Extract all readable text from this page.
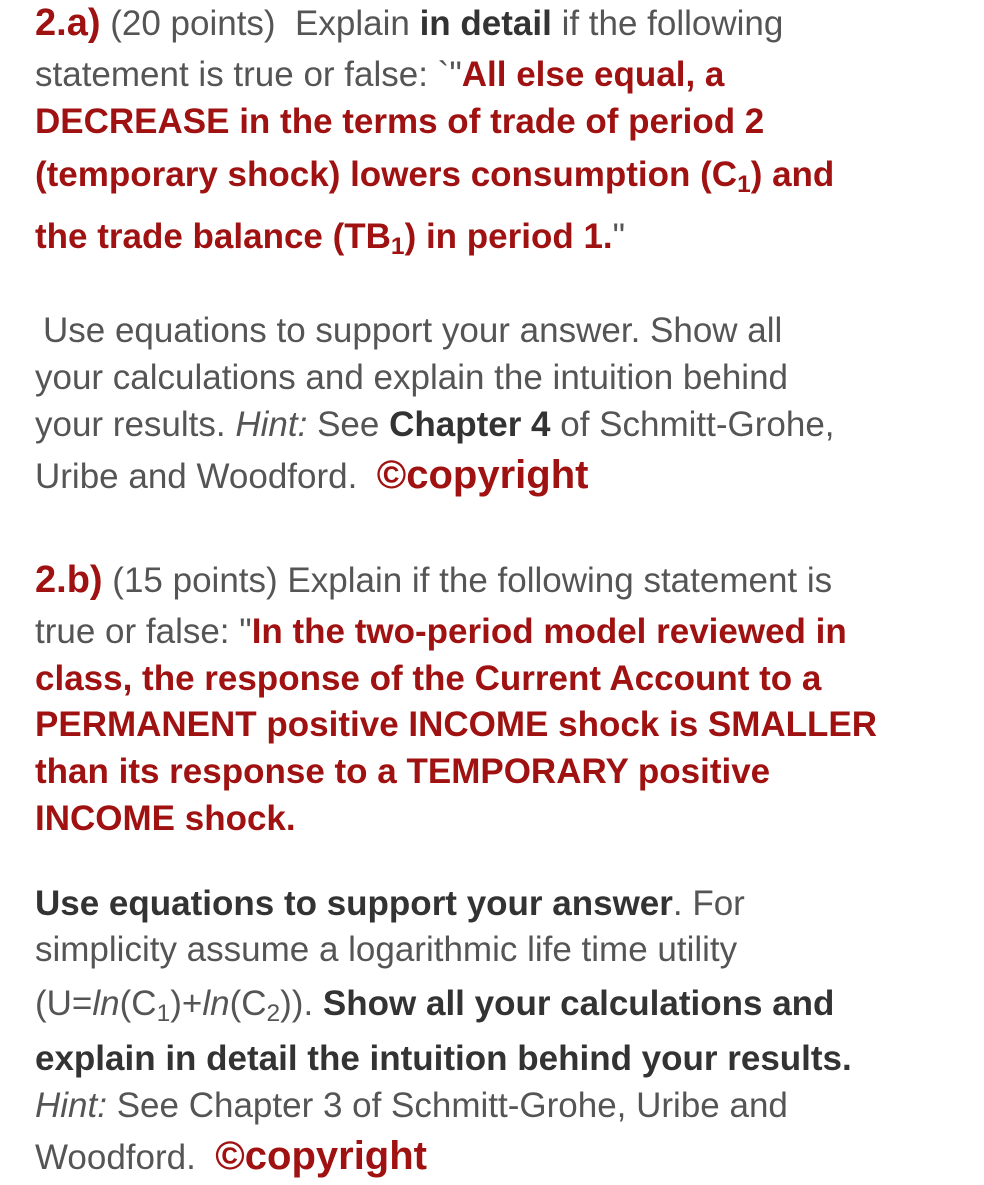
2.a) (20 points) Explain in detail if the following
statement is true or false: `"All else equal, a
DECREASE in the terms of trade of period 2
(temporary shock) lowers consumption $(C_1)$ and
the trade balance $(TB_1)$ in period 1."
Use equations to support your answer. Show all
your calculations and explain the intuition behind
your results. Hint: See Chapter 4 of Schmitt-Grohe,
Uribe and Woodford. ©copyright
2.b) (15 points) Explain if the following statement is
true or false: "In the two-period model reviewed in
class, the response of the Current Account to a
PERMANENT positive INCOME shock is SMALLER
than its response to a TEMPORARY positive
INCOME shock.
Use equations to support your answer. For
simplicity assume a logarithmic life time utility
$(U=\ln(C_1)+\ln(C_2))$. Show all your calculations and
explain in detail the intuition behind your results.
Hint: See Chapter 3 of Schmitt-Grohe, Uribe and
Woodford. ©copyright
